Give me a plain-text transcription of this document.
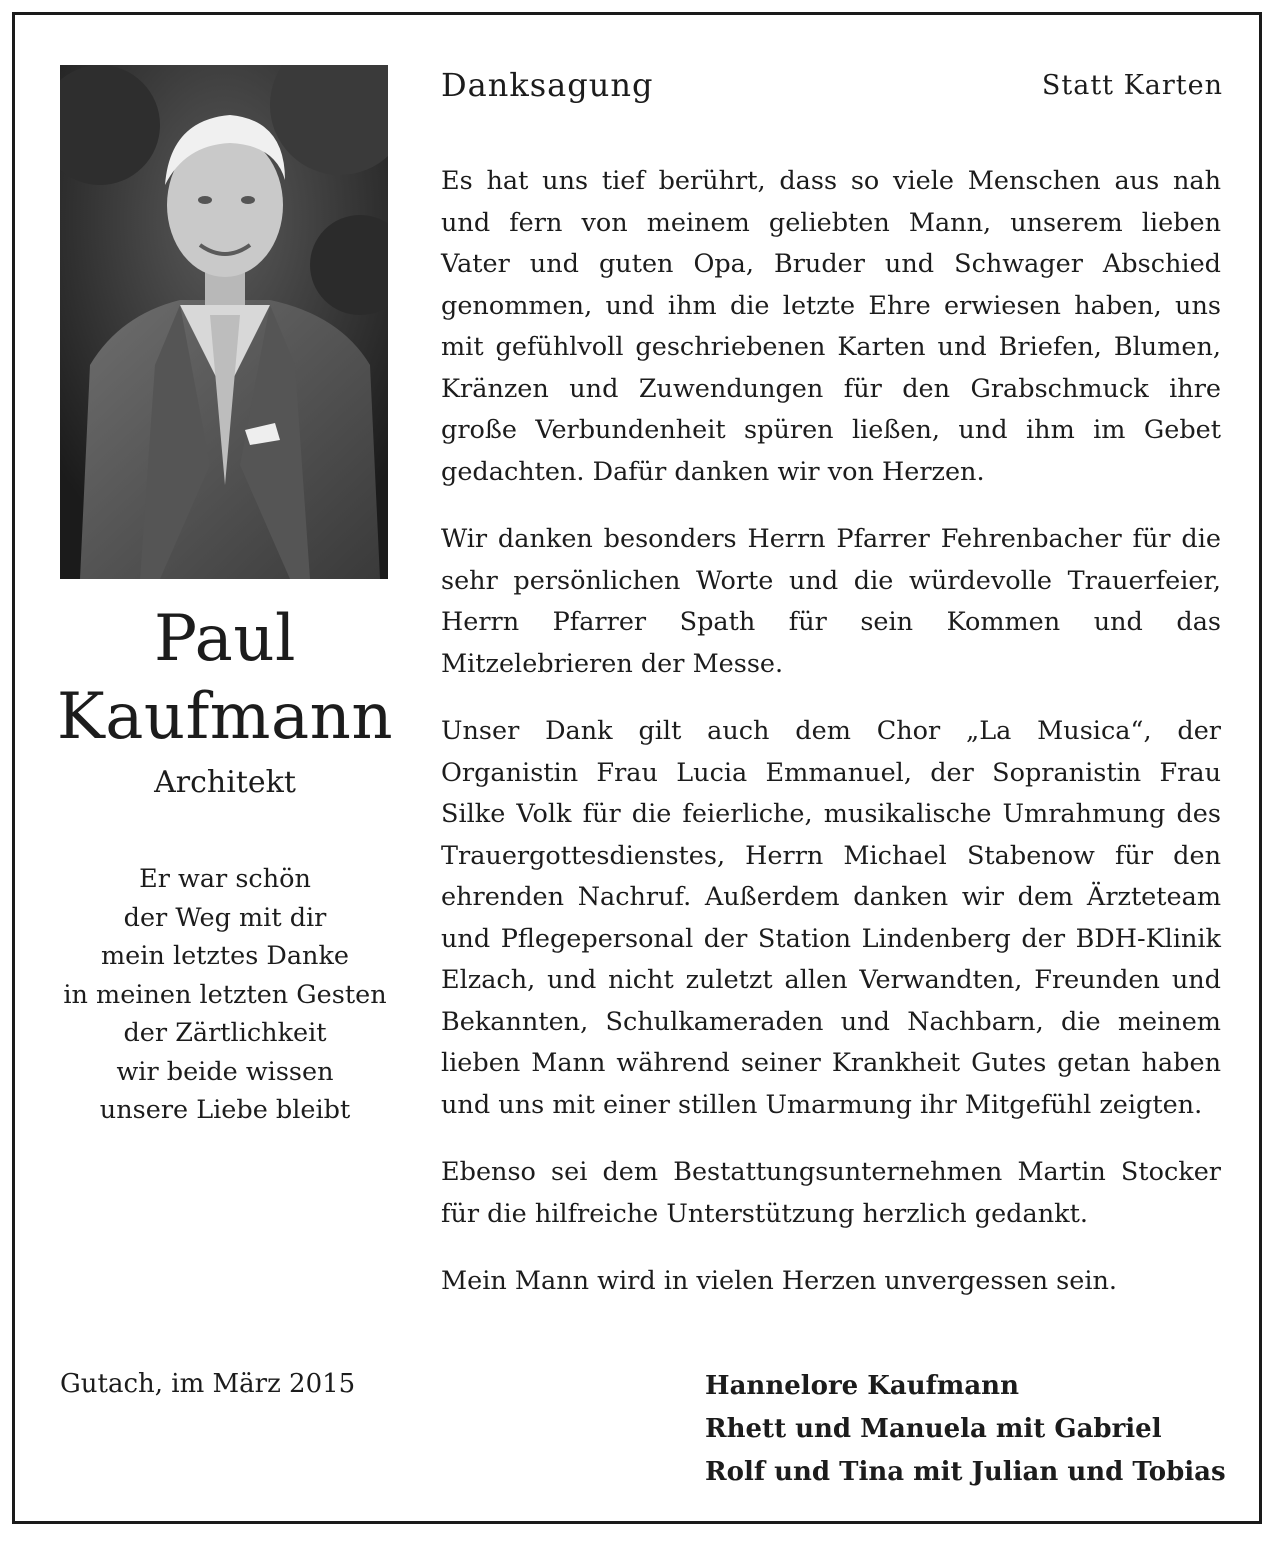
Paul
Kaufmann
Architekt
Er war schön
der Weg mit dir
mein letztes Danke
in meinen letzten Gesten
der Zärtlichkeit
wir beide wissen
unsere Liebe bleibt
Gutach, im März 2015
Danksagung	Statt Karten

Es hat uns tief berührt, dass so viele Menschen aus nah und fern von meinem geliebten Mann, unserem lieben Vater und guten Opa, Bruder und Schwager Abschied genommen, und ihm die letzte Ehre erwiesen haben, uns mit gefühlvoll geschriebenen Karten und Briefen, Blumen, Kränzen und Zuwendungen für den Grabschmuck ihre große Verbundenheit spüren ließen, und ihm im Gebet gedachten. Dafür danken wir von Herzen.

Wir danken besonders Herrn Pfarrer Fehrenbacher für die sehr persönlichen Worte und die würdevolle Trauerfeier, Herrn Pfarrer Spath für sein Kommen und das Mitzelebrieren der Messe.

Unser Dank gilt auch dem Chor „La Musica“, der Organistin Frau Lucia Emmanuel, der Sopranistin Frau Silke Volk für die feierliche, musikalische Umrahmung des Trauergottesdienstes, Herrn Michael Stabenow für den ehrenden Nachruf. Außerdem danken wir dem Ärzteteam und Pflegepersonal der Station Lindenberg der BDH-Klinik Elzach, und nicht zuletzt allen Verwandten, Freunden und Bekannten, Schulkameraden und Nachbarn, die meinem lieben Mann während seiner Krankheit Gutes getan haben und uns mit einer stillen Umarmung ihr Mitgefühl zeigten.

Ebenso sei dem Bestattungsunternehmen Martin Stocker für die hilfreiche Unterstützung herzlich gedankt.

Mein Mann wird in vielen Herzen unvergessen sein.

Hannelore Kaufmann
Rhett und Manuela mit Gabriel
Rolf und Tina mit Julian und Tobias
